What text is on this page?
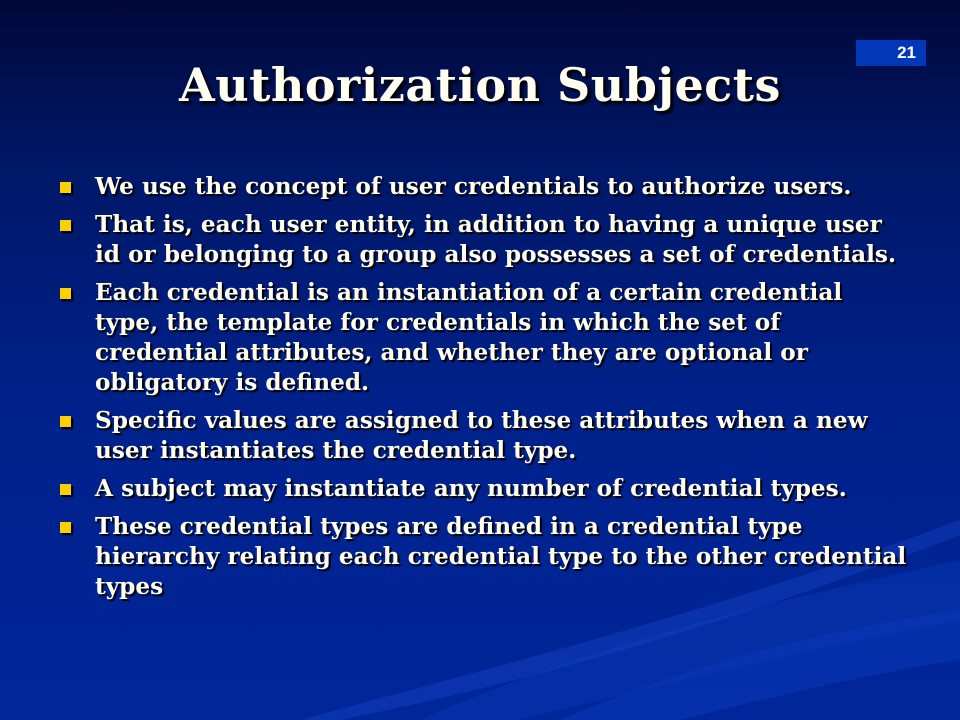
21
Authorization Subjects
We use the concept of user credentials to authorize users.
That is, each user entity, in addition to having a unique user id or belonging to a group also possesses a set of credentials.
Each credential is an instantiation of a certain credential type, the template for credentials in which the set of credential attributes, and whether they are optional or obligatory is defined.
Specific values are assigned to these attributes when a new user instantiates the credential type.
A subject may instantiate any number of credential types.
These credential types are defined in a credential type hierarchy relating each credential type to the other credential types
